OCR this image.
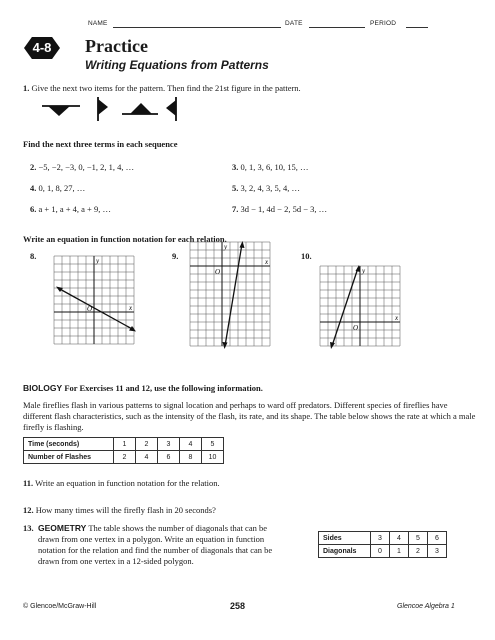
NAME	DATE	PERIOD
4-8	Practice
Writing Equations from Patterns
1. Give the next two items for the pattern. Then find the 21st figure in the pattern.
Find the next three terms in each sequence
2. −5, −2, −3, 0, −1, 2, 1, 4, …	3. 0, 1, 3, 6, 10, 15, …
4. 0, 1, 8, 27, …	5. 3, 2, 4, 3, 5, 4, …
6. a + 1, a + 4, a + 9, …	7. 3d − 1, 4d − 2, 5d − 3, …
Write an equation in function notation for each relation.
8.	9.	10.
y
x
O
y
x
O	y
x
O
BIOLOGY For Exercises 11 and 12, use the following information.
Male fireflies flash in various patterns to signal location and perhaps to ward off predators. Different species of fireflies have different flash characteristics, such as the intensity of the flash, its rate, and its shape. The table below shows the rate at which a male firefly is flashing.
Time (seconds)	1	2	3	4	5
Number of Flashes	2	4	6	8	10
11. Write an equation in function notation for the relation.
12. How many times will the firefly flash in 20 seconds?
13. GEOMETRY The table shows the number of diagonals that can be drawn from one vertex in a polygon. Write an equation in function notation for the relation and find the number of diagonals that can be drawn from one vertex in a 12-sided polygon.
Sides	3	4	5	6
Diagonals	0	1	2	3
© Glencoe/McGraw-Hill	258	Glencoe Algebra 1
